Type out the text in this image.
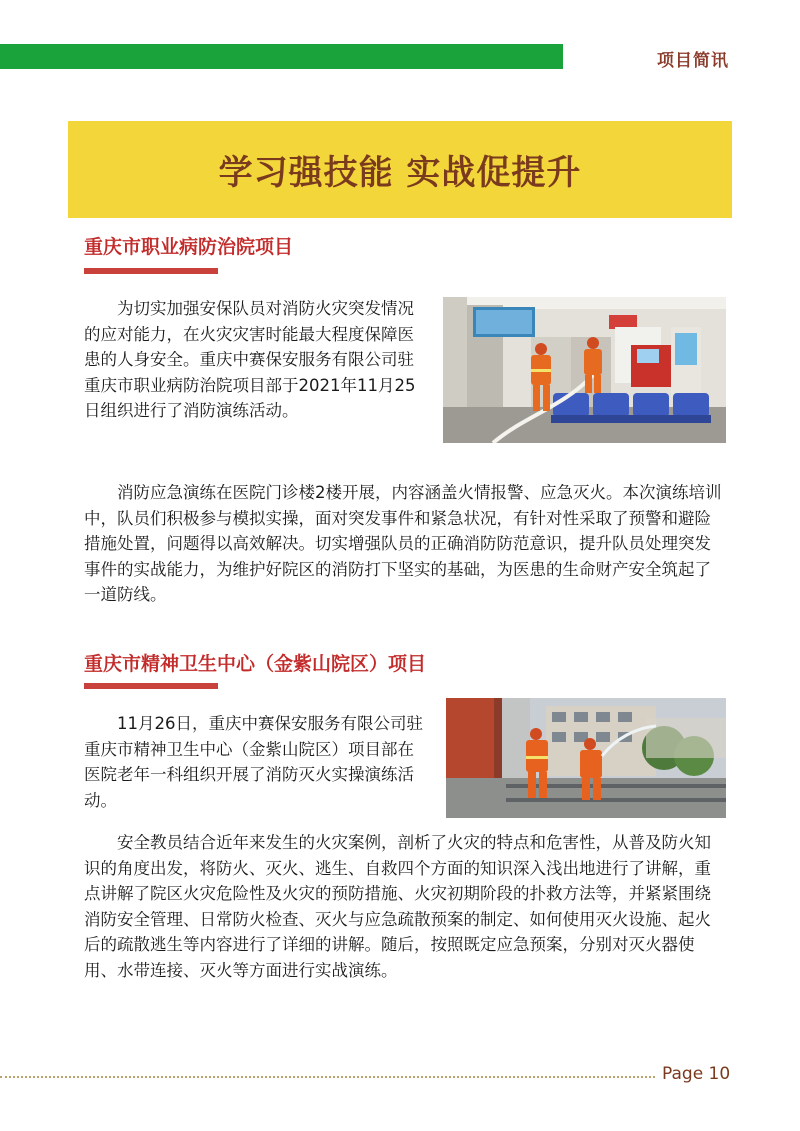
项目简讯
学习强技能 实战促提升
重庆市职业病防治院项目

为切实加强安保队员对消防火灾突发情况的应对能力，在火灾灾害时能最大程度保障医患的人身安全。重庆中赛保安服务有限公司驻重庆市职业病防治院项目部于2021年11月25日组织进行了消防演练活动。

消防应急演练在医院门诊楼2楼开展，内容涵盖火情报警、应急灭火。本次演练培训中，队员们积极参与模拟实操，面对突发事件和紧急状况，有针对性采取了预警和避险措施处置，问题得以高效解决。切实增强队员的正确消防防范意识，提升队员处理突发事件的实战能力，为维护好院区的消防打下坚实的基础，为医患的生命财产安全筑起了一道防线。

重庆市精神卫生中心（金紫山院区）项目

11月26日，重庆中赛保安服务有限公司驻重庆市精神卫生中心（金紫山院区）项目部在医院老年一科组织开展了消防灭火实操演练活动。

安全教员结合近年来发生的火灾案例，剖析了火灾的特点和危害性，从普及防火知识的角度出发，将防火、灭火、逃生、自救四个方面的知识深入浅出地进行了讲解，重点讲解了院区火灾危险性及火灾的预防措施、火灾初期阶段的扑救方法等，并紧紧围绕消防安全管理、日常防火检查、灭火与应急疏散预案的制定、如何使用灭火设施、起火后的疏散逃生等内容进行了详细的讲解。随后，按照既定应急预案，分别对灭火器使用、水带连接、灭火等方面进行实战演练。

Page 10
